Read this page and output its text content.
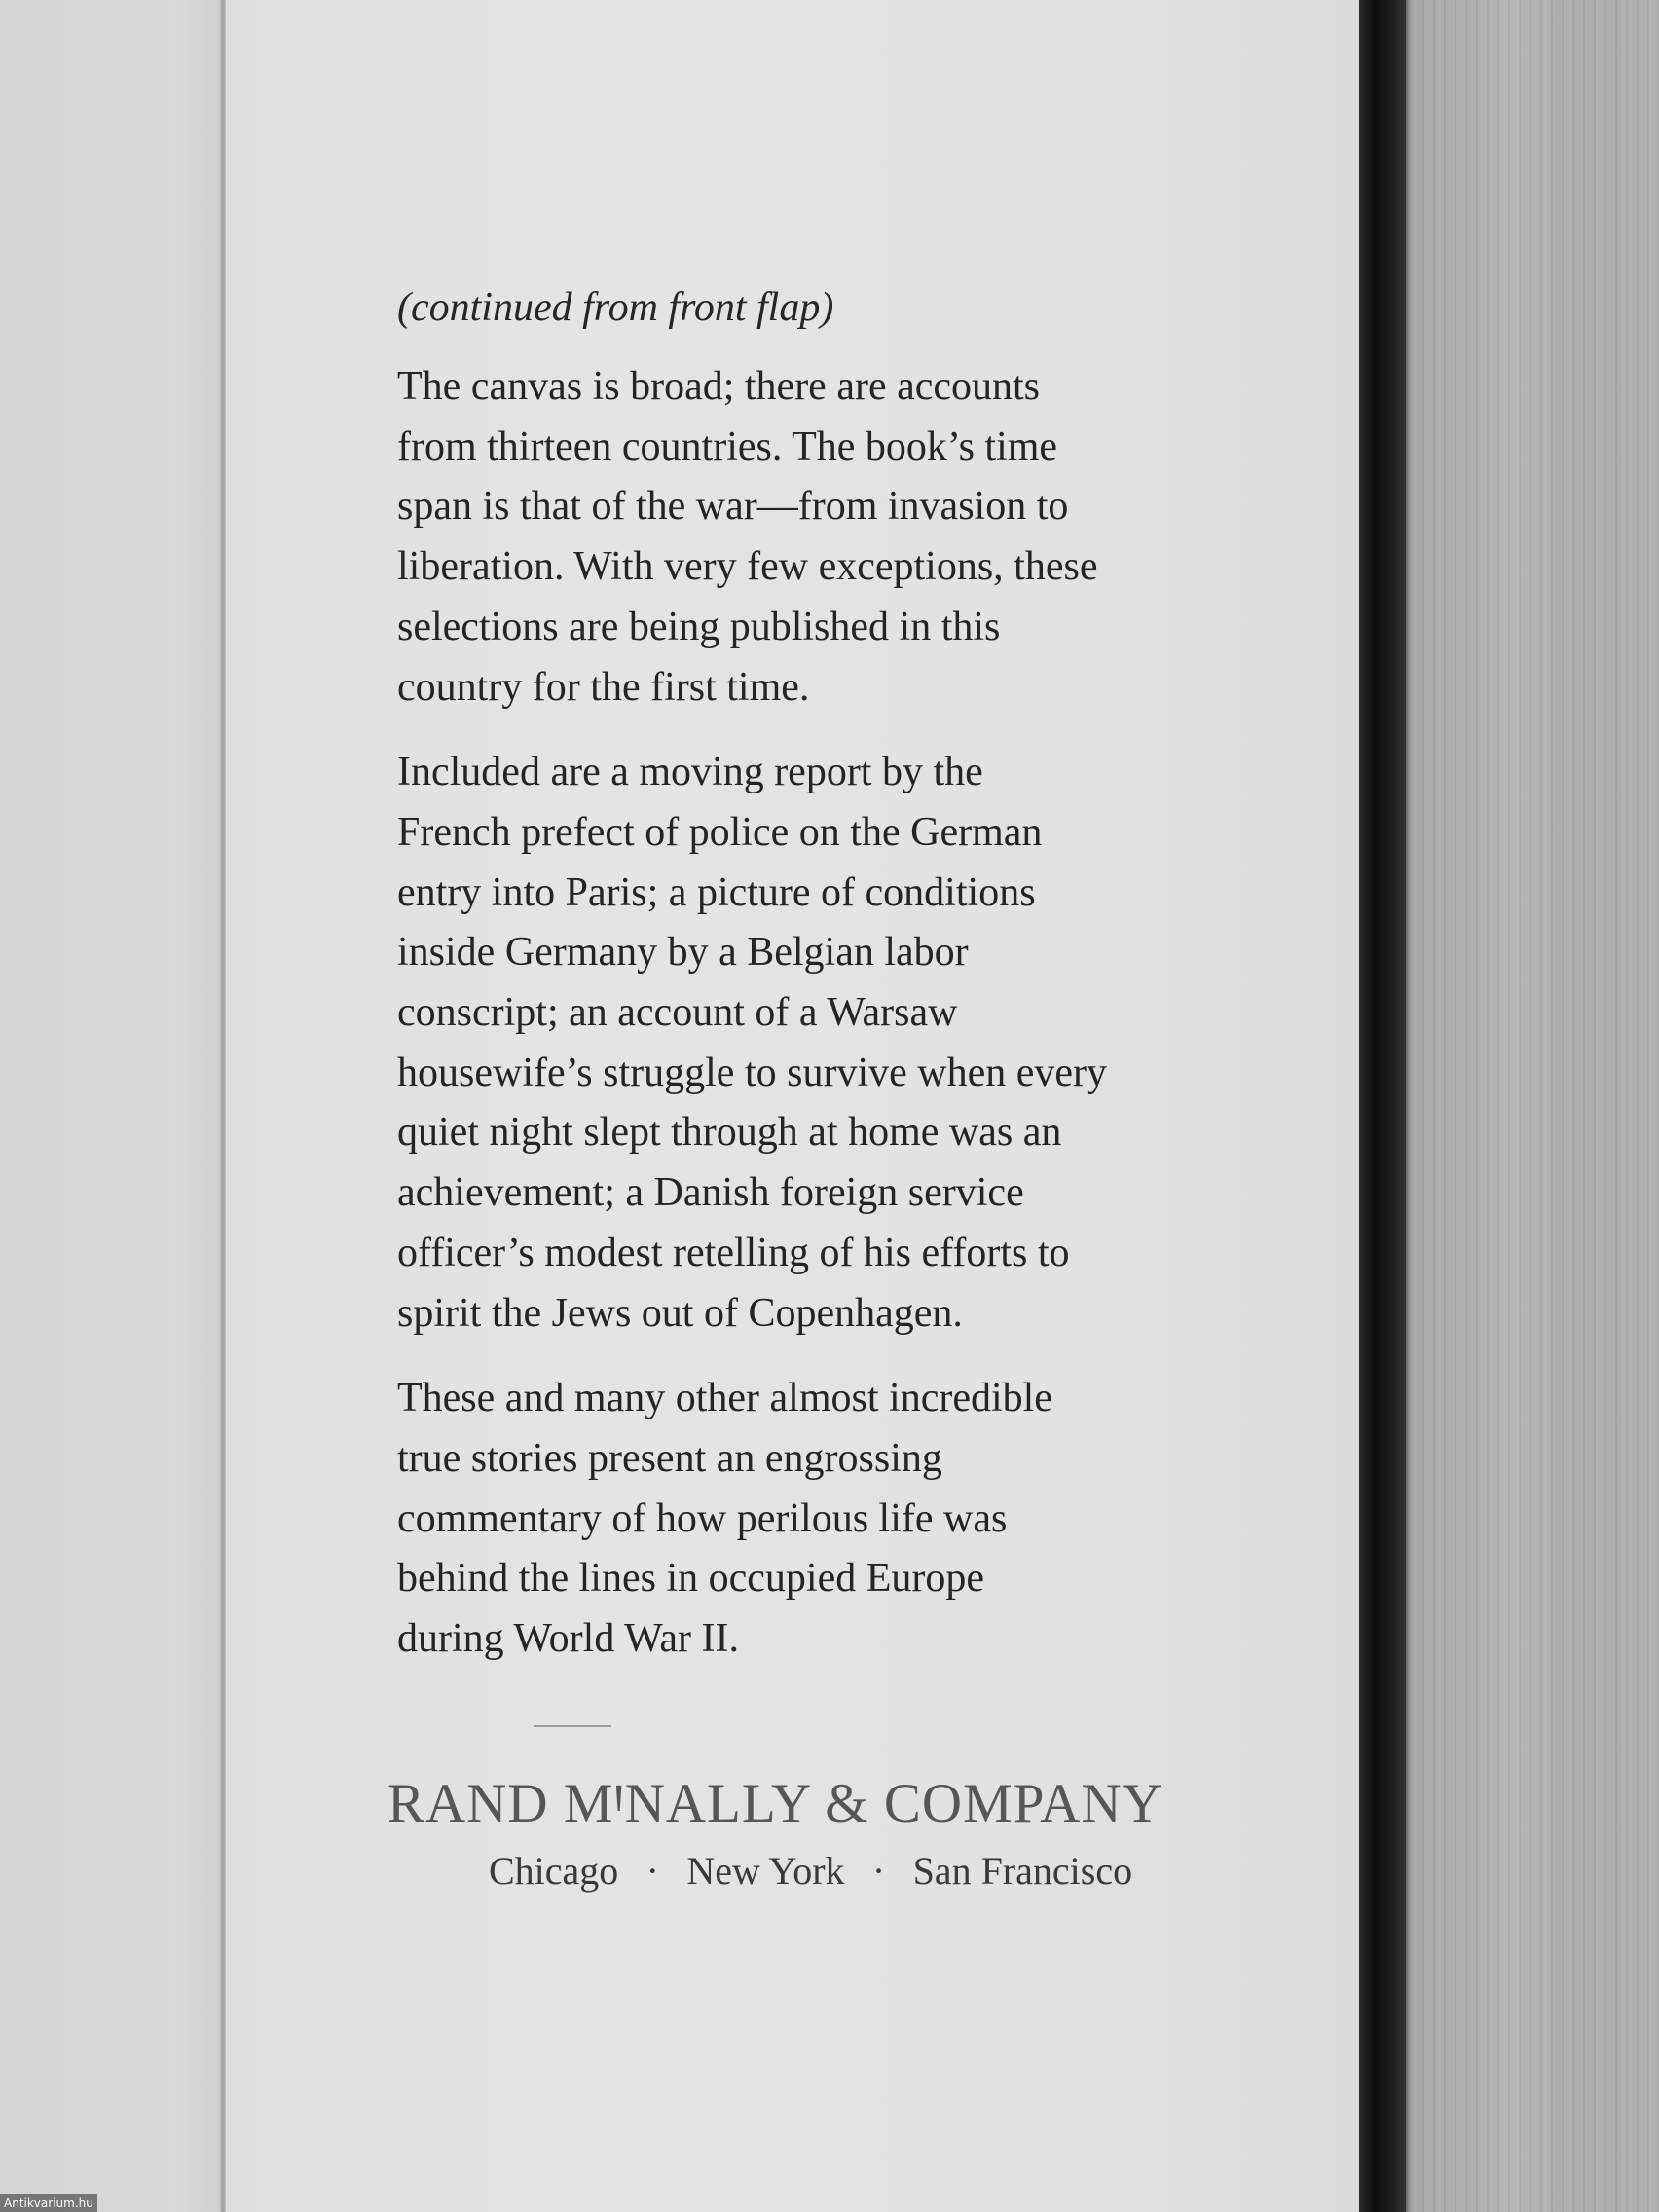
(continued from front flap)

The canvas is broad; there are accounts
from thirteen countries. The book’s time
span is that of the war—from invasion to
liberation. With very few exceptions, these
selections are being published in this
country for the first time.
Included are a moving report by the
French prefect of police on the German
entry into Paris; a picture of conditions
inside Germany by a Belgian labor
conscript; an account of a Warsaw
housewife’s struggle to survive when every
quiet night slept through at home was an
achievement; a Danish foreign service
officer’s modest retelling of his efforts to
spirit the Jews out of Copenhagen.
These and many other almost incredible
true stories present an engrossing
commentary of how perilous life was
behind the lines in occupied Europe
during World War II.
RAND MꞋNALLY & COMPANY
Chicago · New York · San Francisco
Antikvarium.hu
